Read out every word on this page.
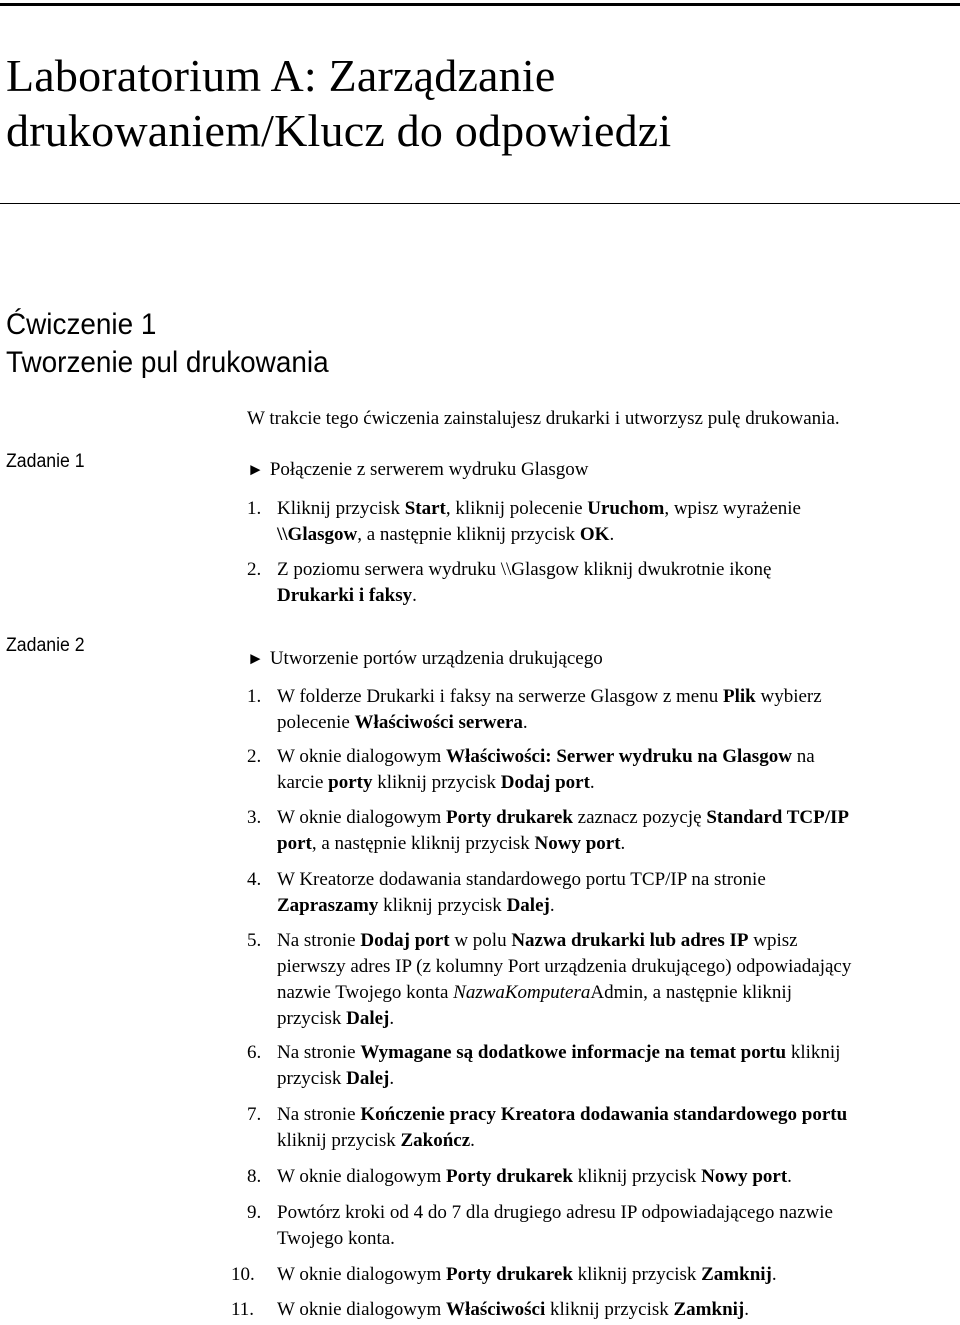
Laboratorium A: Zarządzanie
drukowaniem/Klucz do odpowiedzi
Ćwiczenie 1
Tworzenie pul drukowania
W trakcie tego ćwiczenia zainstalujesz drukarki i utworzysz pulę drukowania.
Zadanie 1	► Połączenie z serwerem wydruku Glasgow
1. Kliknij przycisk Start, kliknij polecenie Uruchom, wpisz wyrażenie
\\Glasgow, a następnie kliknij przycisk OK.
2. Z poziomu serwera wydruku \\Glasgow kliknij dwukrotnie ikonę
Drukarki i faksy.
Zadanie 2
► Utworzenie portów urządzenia drukującego
1. W folderze Drukarki i faksy na serwerze Glasgow z menu Plik wybierz
polecenie Właściwości serwera.
2. W oknie dialogowym Właściwości: Serwer wydruku na Glasgow na
karcie porty kliknij przycisk Dodaj port.
3. W oknie dialogowym Porty drukarek zaznacz pozycję Standard TCP/IP
port, a następnie kliknij przycisk Nowy port.
4. W Kreatorze dodawania standardowego portu TCP/IP na stronie
Zapraszamy kliknij przycisk Dalej.
5. Na stronie Dodaj port w polu Nazwa drukarki lub adres IP wpisz
pierwszy adres IP (z kolumny Port urządzenia drukującego) odpowiadający
nazwie Twojego konta NazwaKomputeraAdmin, a następnie kliknij
przycisk Dalej.
6. Na stronie Wymagane są dodatkowe informacje na temat portu kliknij
przycisk Dalej.
7. Na stronie Kończenie pracy Kreatora dodawania standardowego portu
kliknij przycisk Zakończ.
8. W oknie dialogowym Porty drukarek kliknij przycisk Nowy port.
9. Powtórz kroki od 4 do 7 dla drugiego adresu IP odpowiadającego nazwie
Twojego konta.
10.	W oknie dialogowym Porty drukarek kliknij przycisk Zamknij.
11.	W oknie dialogowym Właściwości kliknij przycisk Zamknij.
